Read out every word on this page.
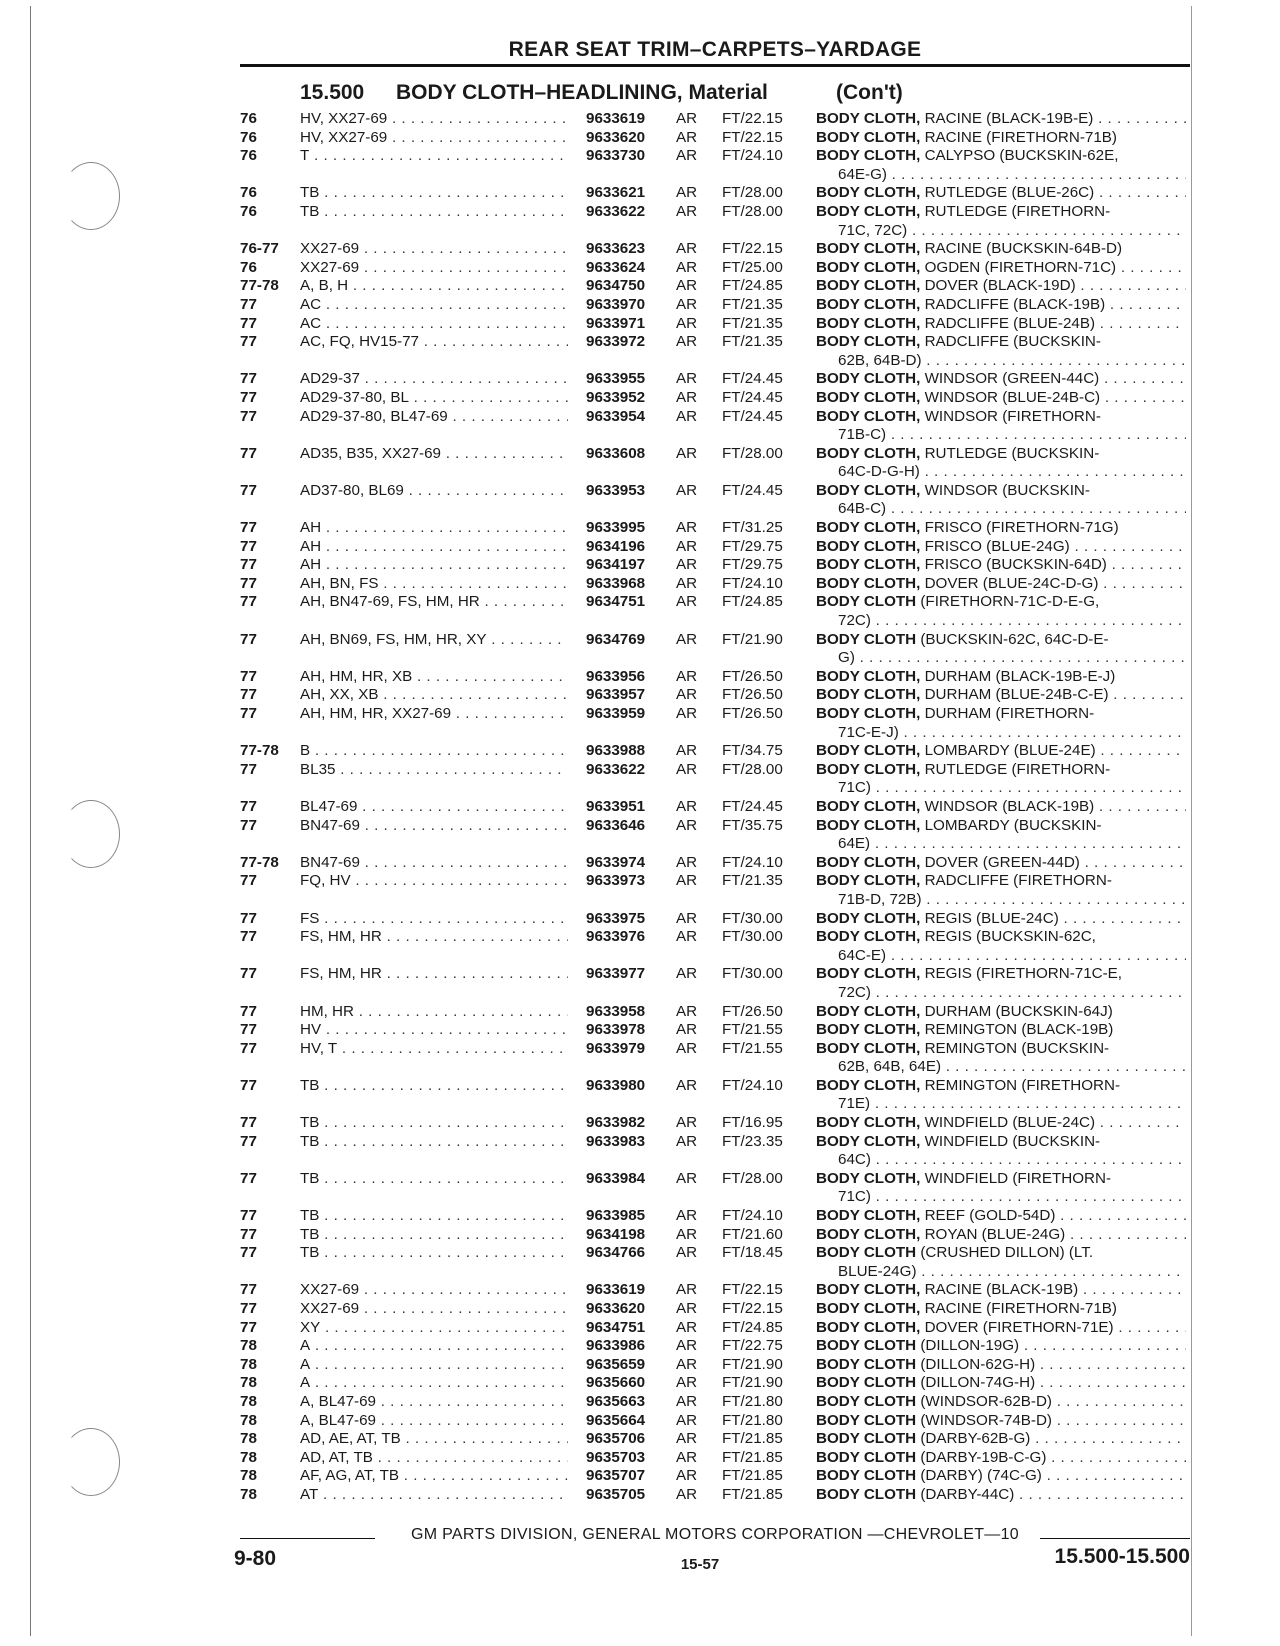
REAR SEAT TRIM–CARPETS–YARDAGE
15.500 BODY CLOTH–HEADLINING, Material	(Con't)
76	HV, XX27-69 . . .	9633619 AR FT/22.15 BODY CLOTH, RACINE (BLACK-19B-E) . . .
76	HV, XX27-69 . . .	9633620 AR FT/22.15 BODY CLOTH, RACINE (FIRETHORN-71B)
76	T . . .	9633730 AR FT/24.10 BODY CLOTH, CALYPSO (BUCKSKIN-62E,
64E-G) . . .
76	TB . . .	9633621 AR FT/28.00 BODY CLOTH, RUTLEDGE (BLUE-26C) . . .
76	TB . . .	9633622 AR FT/28.00 BODY CLOTH, RUTLEDGE (FIRETHORN-
71C, 72C) . . .
76-77 XX27-69 . . .	9633623 AR FT/22.15 BODY CLOTH, RACINE (BUCKSKIN-64B-D)
76	XX27-69 . . .	9633624 AR FT/25.00 BODY CLOTH, OGDEN (FIRETHORN-71C) . . .
77-78 A, B, H . . .	9634750 AR FT/24.85 BODY CLOTH, DOVER (BLACK-19D) . . .
77	AC . . .	9633970 AR FT/21.35 BODY CLOTH, RADCLIFFE (BLACK-19B) . . .
77	AC . . .	9633971 AR FT/21.35 BODY CLOTH, RADCLIFFE (BLUE-24B) . . .
77	AC, FQ, HV15-77 . . .	9633972 AR FT/21.35 BODY CLOTH, RADCLIFFE (BUCKSKIN-
62B, 64B-D) . . .
77	AD29-37 . . .	9633955 AR FT/24.45 BODY CLOTH, WINDSOR (GREEN-44C) . . .
77	AD29-37-80, BL . . .	9633952 AR FT/24.45 BODY CLOTH, WINDSOR (BLUE-24B-C) . . .
77	AD29-37-80, BL47-69 . . .	9633954 AR FT/24.45 BODY CLOTH, WINDSOR (FIRETHORN-
71B-C) . . .
77	AD35, B35, XX27-69 . . .	9633608 AR FT/28.00 BODY CLOTH, RUTLEDGE (BUCKSKIN-
64C-D-G-H) . . .
77	AD37-80, BL69 . . .	9633953 AR FT/24.45 BODY CLOTH, WINDSOR (BUCKSKIN-
64B-C) . . .
77	AH . . .	9633995 AR FT/31.25 BODY CLOTH, FRISCO (FIRETHORN-71G)
77	AH . . .	9634196 AR FT/29.75 BODY CLOTH, FRISCO (BLUE-24G) . . .
77	AH . . .	9634197 AR FT/29.75 BODY CLOTH, FRISCO (BUCKSKIN-64D) . . .
77	AH, BN, FS . . .	9633968 AR FT/24.10 BODY CLOTH, DOVER (BLUE-24C-D-G) . . .
77	AH, BN47-69, FS, HM, HR . . .	9634751 AR FT/24.85 BODY CLOTH (FIRETHORN-71C-D-E-G,
72C) . . .
77	AH, BN69, FS, HM, HR, XY . . .	9634769 AR FT/21.90 BODY CLOTH (BUCKSKIN-62C, 64C-D-E-
G) . . .
77	AH, HM, HR, XB . . .	9633956 AR FT/26.50 BODY CLOTH, DURHAM (BLACK-19B-E-J)
77	AH, XX, XB . . .	9633957 AR FT/26.50 BODY CLOTH, DURHAM (BLUE-24B-C-E) . . .
77	AH, HM, HR, XX27-69 . . .	9633959 AR FT/26.50 BODY CLOTH, DURHAM (FIRETHORN-
71C-E-J) . . .
77-78 B . . .	9633988 AR FT/34.75 BODY CLOTH, LOMBARDY (BLUE-24E) . . .
77	BL35 . . .	9633622 AR FT/28.00 BODY CLOTH, RUTLEDGE (FIRETHORN-
71C) . . .
77	BL47-69 . . .	9633951 AR FT/24.45 BODY CLOTH, WINDSOR (BLACK-19B) . . .
77	BN47-69 . . .	9633646 AR FT/35.75 BODY CLOTH, LOMBARDY (BUCKSKIN-
64E) . . .
77-78 BN47-69 . . .	9633974 AR FT/24.10 BODY CLOTH, DOVER (GREEN-44D) . . .
77	FQ, HV . . .	9633973 AR FT/21.35 BODY CLOTH, RADCLIFFE (FIRETHORN-
71B-D, 72B) . . .
77	FS . . .	9633975 AR FT/30.00 BODY CLOTH, REGIS (BLUE-24C) . . .
77	FS, HM, HR . . .	9633976 AR FT/30.00 BODY CLOTH, REGIS (BUCKSKIN-62C,
64C-E) . . .
77	FS, HM, HR . . .	9633977 AR FT/30.00 BODY CLOTH, REGIS (FIRETHORN-71C-E,
72C) . . .
77	HM, HR . . .	9633958 AR FT/26.50 BODY CLOTH, DURHAM (BUCKSKIN-64J)
77	HV . . .	9633978 AR FT/21.55 BODY CLOTH, REMINGTON (BLACK-19B)
77	HV, T . . .	9633979 AR FT/21.55 BODY CLOTH, REMINGTON (BUCKSKIN-
62B, 64B, 64E) . . .
77	TB . . .	9633980 AR FT/24.10 BODY CLOTH, REMINGTON (FIRETHORN-
71E) . . .
77	TB . . .	9633982 AR FT/16.95 BODY CLOTH, WINDFIELD (BLUE-24C) . . .
77	TB . . .	9633983 AR FT/23.35 BODY CLOTH, WINDFIELD (BUCKSKIN-
64C) . . .
77	TB . . .	9633984 AR FT/28.00 BODY CLOTH, WINDFIELD (FIRETHORN-
71C) . . .
77	TB . . .	9633985 AR FT/24.10 BODY CLOTH, REEF (GOLD-54D) . . .
77	TB . . .	9634198 AR FT/21.60 BODY CLOTH, ROYAN (BLUE-24G) . . .
77	TB . . .	9634766 AR FT/18.45 BODY CLOTH (CRUSHED DILLON) (LT.
BLUE-24G) . . .
77	XX27-69 . . .	9633619 AR FT/22.15 BODY CLOTH, RACINE (BLACK-19B) . . .
77	XX27-69 . . .	9633620 AR FT/22.15 BODY CLOTH, RACINE (FIRETHORN-71B)
77	XY . . .	9634751 AR FT/24.85 BODY CLOTH, DOVER (FIRETHORN-71E) . . .
78	A . . .	9633986 AR FT/22.75 BODY CLOTH (DILLON-19G) . . .
78	A . . .	9635659 AR FT/21.90 BODY CLOTH (DILLON-62G-H) . . .
78	A . . .	9635660 AR FT/21.90 BODY CLOTH (DILLON-74G-H) . . .
78	A, BL47-69 . . .	9635663 AR FT/21.80 BODY CLOTH (WINDSOR-62B-D) . . .
78	A, BL47-69 . . .	9635664 AR FT/21.80 BODY CLOTH (WINDSOR-74B-D) . . .
78	AD, AE, AT, TB . . .	9635706 AR FT/21.85 BODY CLOTH (DARBY-62B-G) . . .
78	AD, AT, TB . . .	9635703 AR FT/21.85 BODY CLOTH (DARBY-19B-C-G) . . .
78	AF, AG, AT, TB . . .	9635707 AR FT/21.85 BODY CLOTH (DARBY) (74C-G) . . .
78	AT . . .	9635705 AR FT/21.85 BODY CLOTH (DARBY-44C) . . .
GM PARTS DIVISION, GENERAL MOTORS CORPORATION —CHEVROLET—10
9-80	15-57	15.500-15.500
